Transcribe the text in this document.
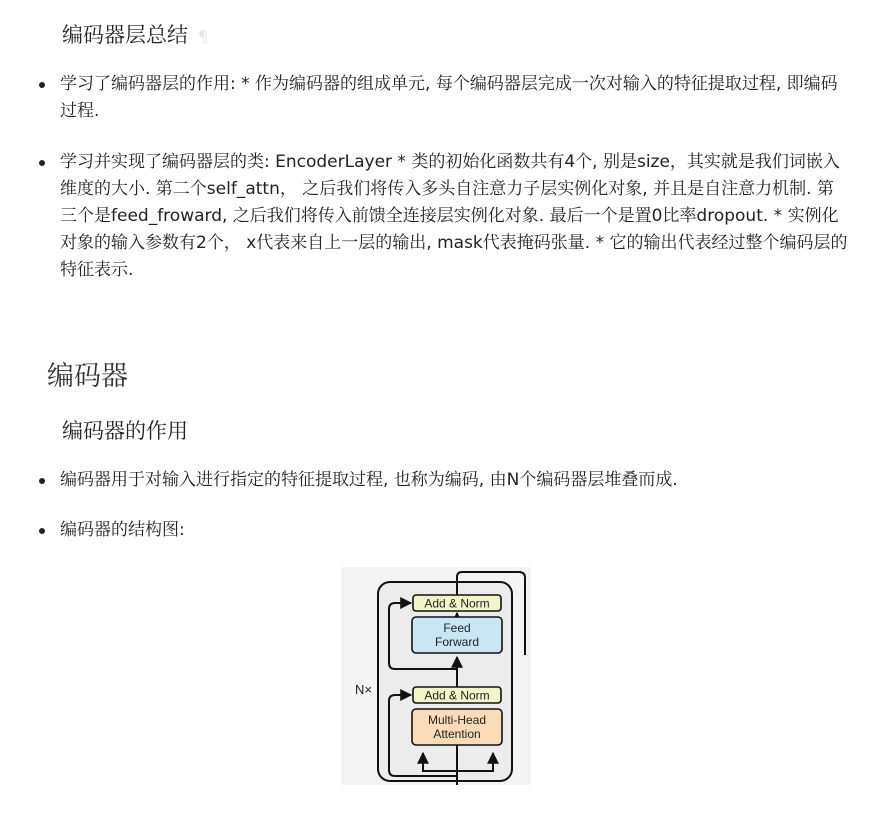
编码器层总结 ¶
学习了编码器层的作用: * 作为编码器的组成单元, 每个编码器层完成一次对输入的特征提取过程, 即编码过程.
学习并实现了编码器层的类: EncoderLayer * 类的初始化函数共有4个, 别是size，其实就是我们词嵌入维度的大小. 第二个self_attn， 之后我们将传入多头自注意力子层实例化对象, 并且是自注意力机制. 第三个是feed_froward, 之后我们将传入前馈全连接层实例化对象. 最后一个是置0比率dropout. * 实例化对象的输入参数有2个， x代表来自上一层的输出, mask代表掩码张量. * 它的输出代表经过整个编码层的特征表示.
编码器
编码器的作用
编码器用于对输入进行指定的特征提取过程, 也称为编码, 由N个编码器层堆叠而成.
编码器的结构图:
N×
Add & Norm
Feed
Forward
Add & Norm
Multi-Head
Attention
